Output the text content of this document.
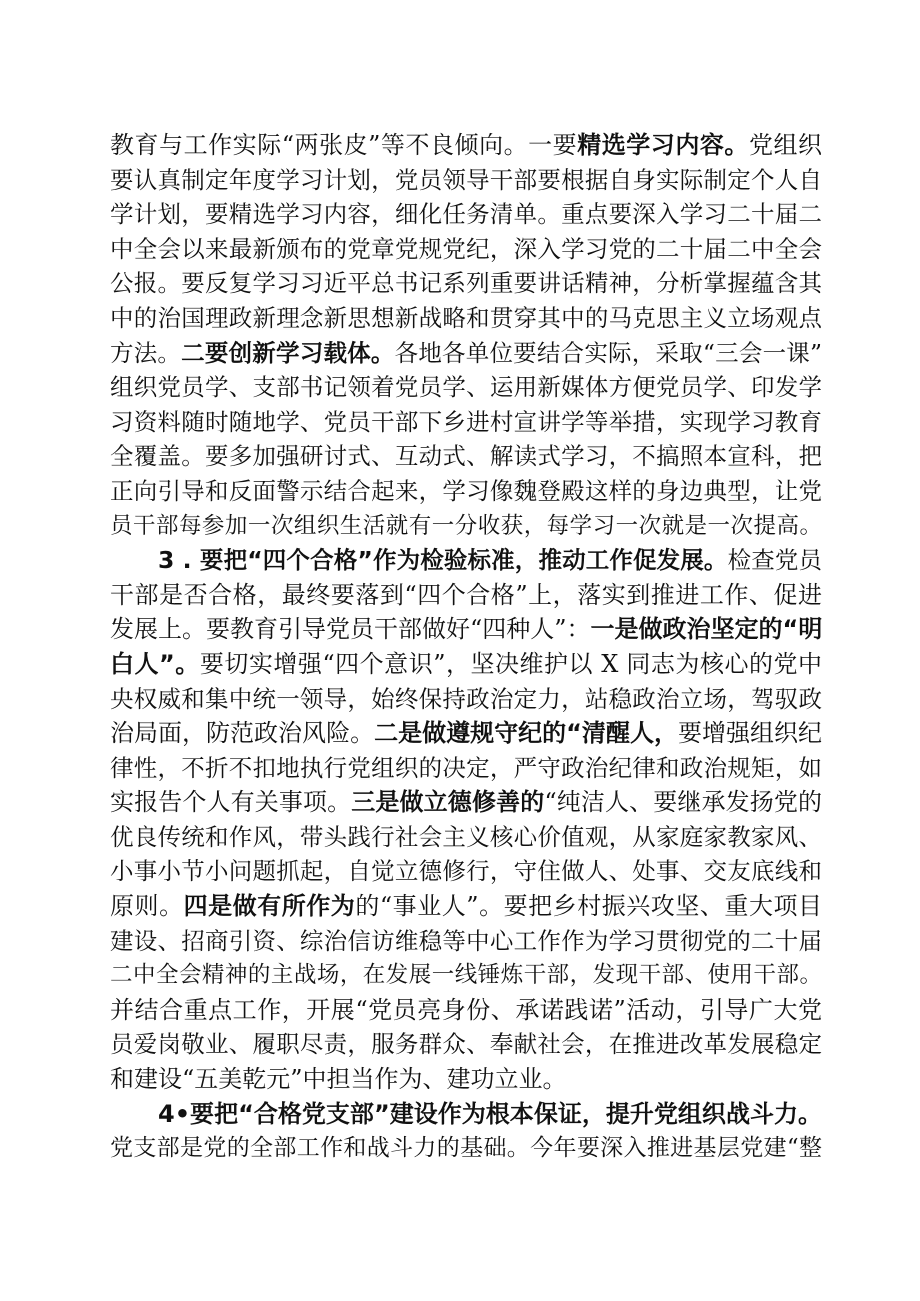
教育与工作实际“两张皮”等不良倾向。一要精选学习内容。党组织
要认真制定年度学习计划，党员领导干部要根据自身实际制定个人自
学计划，要精选学习内容，细化任务清单。重点要深入学习二十届二
中全会以来最新颁布的党章党规党纪，深入学习党的二十届二中全会
公报。要反复学习习近平总书记系列重要讲话精神，分析掌握蕴含其
中的治国理政新理念新思想新战略和贯穿其中的马克思主义立场观点
方法。二要创新学习载体。各地各单位要结合实际，采取“三会一课”
组织党员学、支部书记领着党员学、运用新媒体方便党员学、印发学
习资料随时随地学、党员干部下乡进村宣讲学等举措，实现学习教育
全覆盖。要多加强研讨式、互动式、解读式学习，不搞照本宣科，把
正向引导和反面警示结合起来，学习像魏登殿这样的身边典型，让党
员干部每参加一次组织生活就有一分收获，每学习一次就是一次提高。
3 . 要把“四个合格”作为检验标准，推动工作促发展。检查党员
干部是否合格，最终要落到“四个合格”上，落实到推进工作、促进
发展上。要教育引导党员干部做好“四种人”：一是做政治坚定的“明
白人”。要切实增强“四个意识”，坚决维护以 X 同志为核心的党中
央权威和集中统一领导，始终保持政治定力，站稳政治立场，驾驭政
治局面，防范政治风险。二是做遵规守纪的“清醒人，要增强组织纪
律性，不折不扣地执行党组织的决定，严守政治纪律和政治规矩，如
实报告个人有关事项。三是做立德修善的“纯洁人、要继承发扬党的
优良传统和作风，带头践行社会主义核心价值观，从家庭家教家风、
小事小节小问题抓起，自觉立德修行，守住做人、处事、交友底线和
原则。四是做有所作为的“事业人”。要把乡村振兴攻坚、重大项目
建设、招商引资、综治信访维稳等中心工作作为学习贯彻党的二十届
二中全会精神的主战场，在发展一线锤炼干部，发现干部、使用干部。
并结合重点工作，开展“党员亮身份、承诺践诺”活动，引导广大党
员爱岗敬业、履职尽责，服务群众、奉献社会，在推进改革发展稳定
和建设“五美乾元”中担当作为、建功立业。
4•要把“合格党支部”建设作为根本保证，提升党组织战斗力。
党支部是党的全部工作和战斗力的基础。今年要深入推进基层党建“整
